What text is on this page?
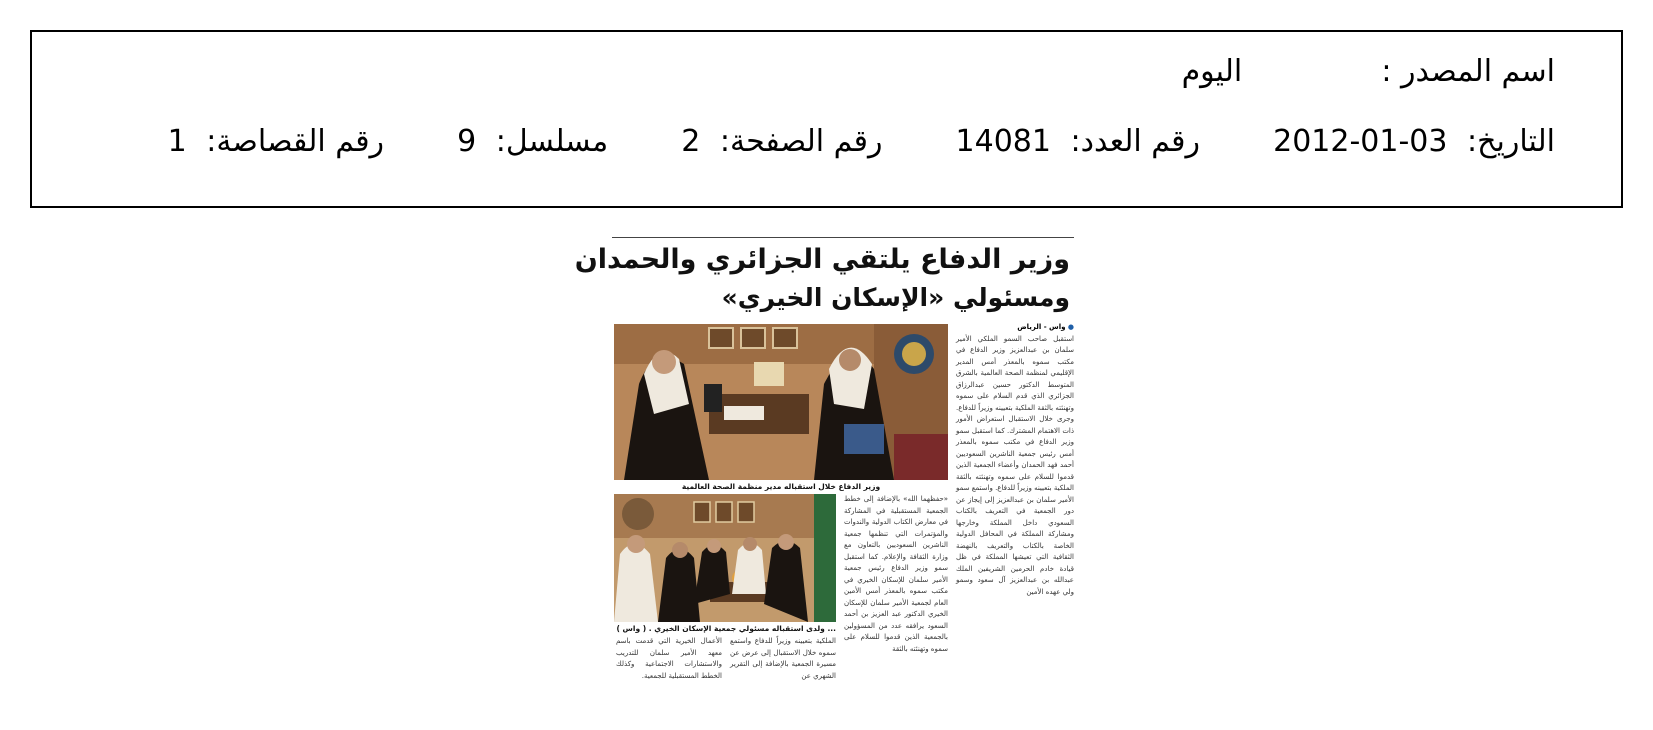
اسم المصدر :  اليوم
التاريخ: 2012-01-03  رقم العدد: 14081  رقم الصفحة: 2  مسلسل: 9  رقم القصاصة: 1
وزير الدفاع يلتقي الجزائري والحمدان
ومسئولي «الإسكان الخيري»
● واس - الرياض
استقبل صاحب السمو الملكي الأمير سلمان بن عبدالعزيز وزير الدفاع في مكتب سموه بالمعذر أمس المدير الإقليمي لمنظمة الصحة العالمية بالشرق المتوسط الدكتور حسين عبدالرزاق الجزائري الذي قدم السلام على سموه وتهنئته بالثقة الملكية بتعيينه وزيراً للدفاع. وجرى خلال الاستقبال استعراض الأمور ذات الاهتمام المشترك. كما استقبل سمو وزير الدفاع في مكتب سموه بالمعذر أمس رئيس جمعية الناشرين السعوديين أحمد فهد الحمدان وأعضاء الجمعية الذين قدموا للسلام على سموه وتهنئته بالثقة الملكية بتعيينه وزيراً للدفاع. واستمع سمو الأمير سلمان بن عبدالعزيز إلى إيجاز عن دور الجمعية في التعريف بالكتاب السعودي داخل المملكة وخارجها ومشاركة المملكة في المحافل الدولية الخاصة بالكتاب والتعريف بالنهضة الثقافية التي تعيشها المملكة في ظل قيادة خادم الحرمين الشريفين الملك عبدالله بن عبدالعزيز آل سعود وسمو ولي عهده الأمين
وزير الدفاع خلال استقباله مدير منظمة الصحة العالمية
«حفظهما الله» بالإضافة إلى خطط الجمعية المستقبلية في المشاركة في معارض الكتاب الدولية والندوات والمؤتمرات التي تنظمها جمعية الناشرين السعوديين بالتعاون مع وزارة الثقافة والإعلام. كما استقبل سمو وزير الدفاع رئيس جمعية الأمير سلمان للإسكان الخيري في مكتب سموه بالمعذر أمس الأمين العام لجمعية الأمير سلمان للإسكان الخيري الدكتور عبد العزيز بن أحمد السعود يرافقه عدد من المسؤولين بالجمعية الذين قدموا للسلام على سموه وتهنئته بالثقة
... ولدى استقباله مسئولي جمعية الإسكان الخيري . ( واس )
الملكية بتعيينه وزيراً للدفاع واستمع سموه خلال الاستقبال إلى عرض عن مسيرة الجمعية بالإضافة إلى التقرير الشهري عن
الأعمال الخيرية التي قدمت باسم معهد الأمير سلمان للتدريب والاستشارات الاجتماعية وكذلك الخطط المستقبلية للجمعية.
